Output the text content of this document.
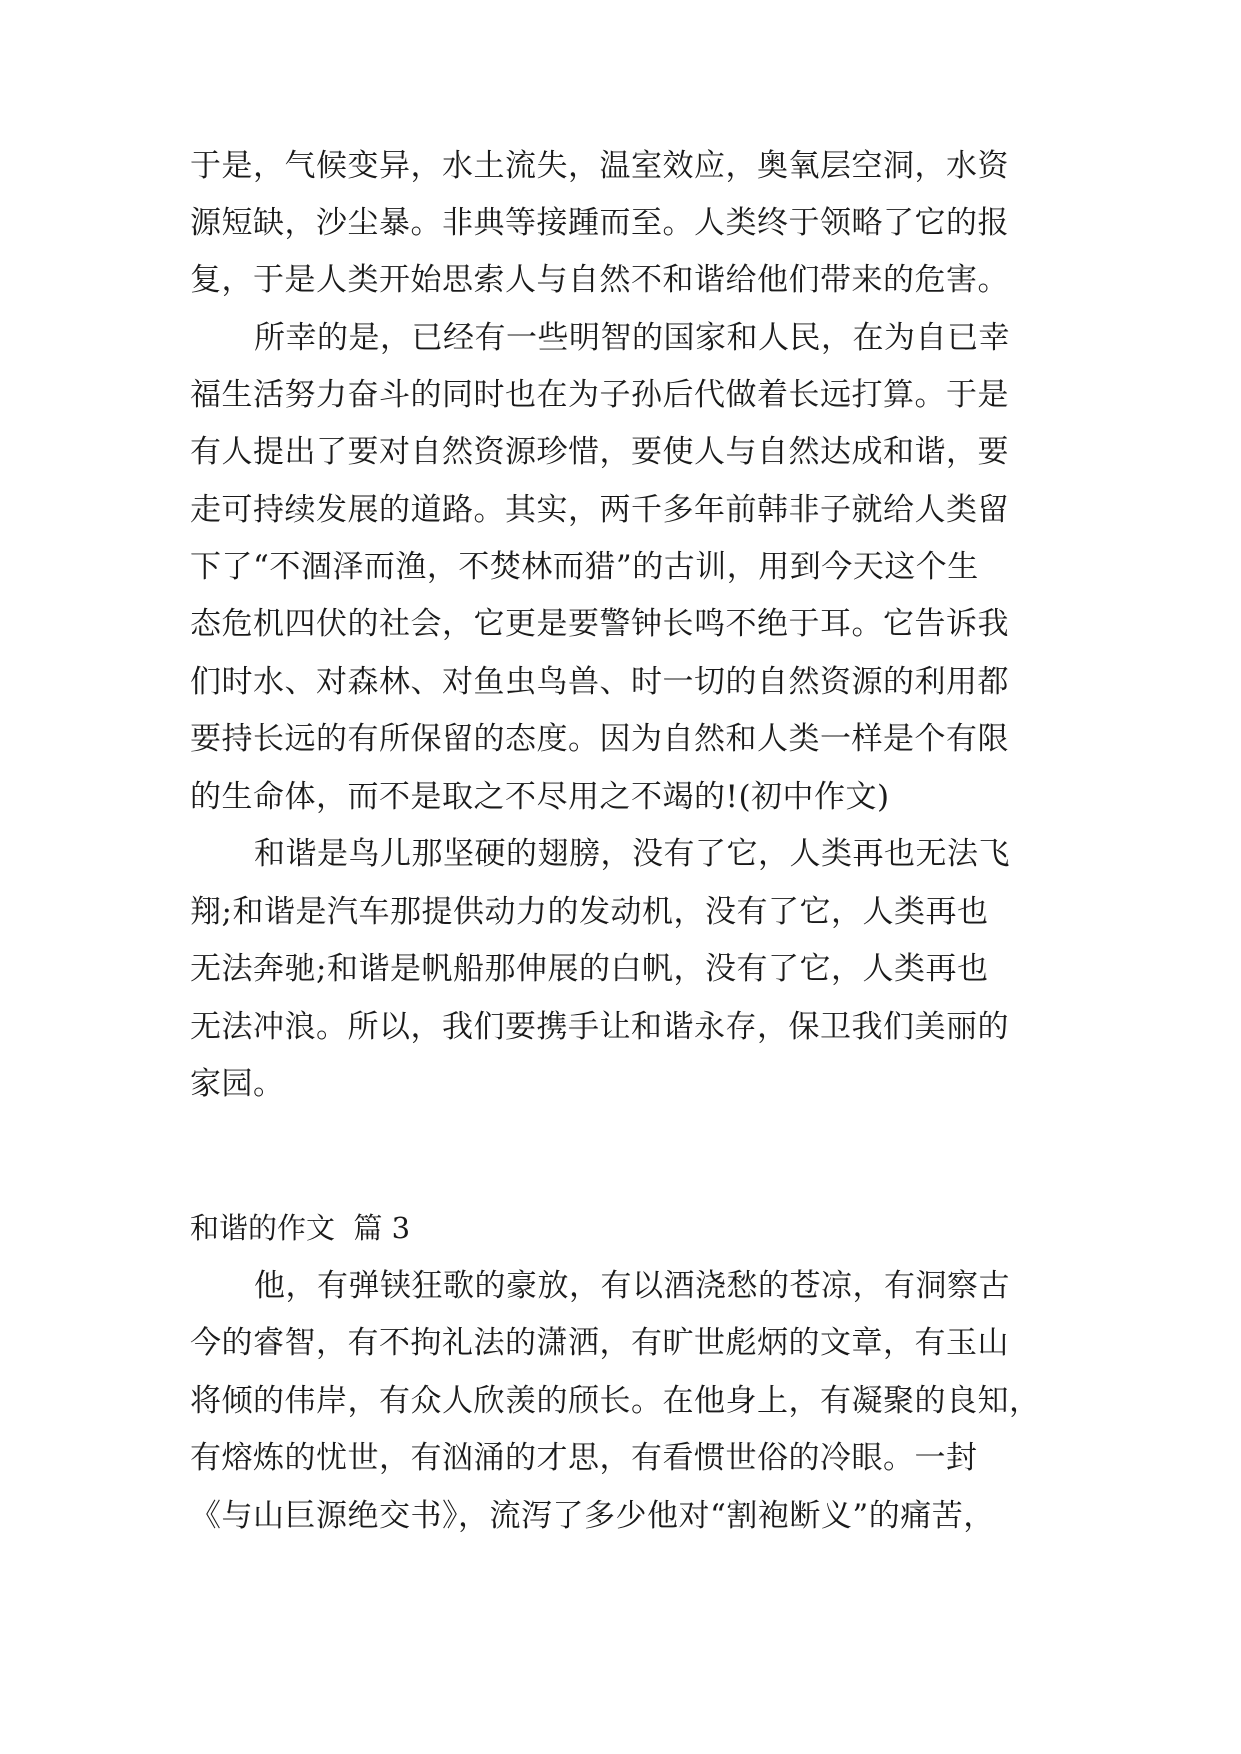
于是，气候变异，水土流失，温室效应，奥氧层空洞，水资
源短缺，沙尘暴。非典等接踵而至。人类终于领略了它的报
复，于是人类开始思索人与自然不和谐给他们带来的危害。
所幸的是，已经有一些明智的国家和人民，在为自已幸
福生活努力奋斗的同时也在为子孙后代做着长远打算。于是
有人提出了要对自然资源珍惜，要使人与自然达成和谐，要
走可持续发展的道路。其实，两千多年前韩非子就给人类留
下了“不涸泽而渔，不焚林而猎”的古训，用到今天这个生
态危机四伏的社会，它更是要警钟长鸣不绝于耳。它告诉我
们时水、对森林、对鱼虫鸟兽、时一切的自然资源的利用都
要持长远的有所保留的态度。因为自然和人类一样是个有限
的生命体，而不是取之不尽用之不竭的!(初中作文)
和谐是鸟儿那坚硬的翅膀，没有了它，人类再也无法飞
翔;和谐是汽车那提供动力的发动机，没有了它，人类再也
无法奔驰;和谐是帆船那伸展的白帆，没有了它，人类再也
无法冲浪。所以，我们要携手让和谐永存，保卫我们美丽的
家园。
和谐的作文  篇 3
他，有弹铗狂歌的豪放，有以酒浇愁的苍凉，有洞察古
今的睿智，有不拘礼法的潇洒，有旷世彪炳的文章，有玉山
将倾的伟岸，有众人欣羡的颀长。在他身上，有凝聚的良知，
有熔炼的忧世，有汹涌的才思，有看惯世俗的冷眼。一封
《与山巨源绝交书》，流泻了多少他对“割袍断义”的痛苦，
